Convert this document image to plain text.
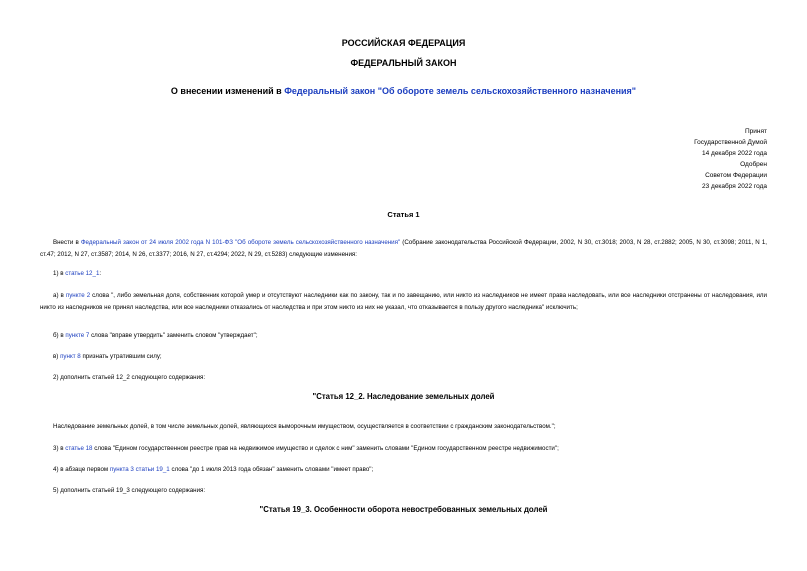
РОССИЙСКАЯ ФЕДЕРАЦИЯ
ФЕДЕРАЛЬНЫЙ ЗАКОН
О внесении изменений в Федеральный закон "Об обороте земель сельскохозяйственного назначения"
Принят
Государственной Думой
14 декабря 2022 года
Одобрен
Советом Федерации
23 декабря 2022 года
Статья 1

Внести в Федеральный закон от 24 июля 2002 года N 101-ФЗ "Об обороте земель сельскохозяйственного назначения" (Собрание законодательства Российской Федерации, 2002, N 30, ст.3018; 2003, N 28, ст.2882; 2005, N 30, ст.3098; 2011, N 1, ст.47; 2012, N 27, ст.3587; 2014, N 26, ст.3377; 2016, N 27, ст.4294; 2022, N 29, ст.5283) следующие изменения:

1) в статье 12_1:

а) в пункте 2 слова ", либо земельная доля, собственник которой умер и отсутствуют наследники как по закону, так и по завещанию, или никто из наследников не имеет права наследовать, или все наследники отстранены от наследования, или никто из наследников не принял наследства, или все наследники отказались от наследства и при этом никто из них не указал, что отказывается в пользу другого наследника" исключить;

б) в пункте 7 слова "вправе утвердить" заменить словом "утверждает";

в) пункт 8 признать утратившим силу;

2) дополнить статьей 12_2 следующего содержания:

"Статья 12_2. Наследование земельных долей

Наследование земельных долей, в том числе земельных долей, являющихся выморочным имуществом, осуществляется в соответствии с гражданским законодательством.";

3) в статье 18 слова "Едином государственном реестре прав на недвижимое имущество и сделок с ним" заменить словами "Едином государственном реестре недвижимости";

4) в абзаце первом пункта 3 статьи 19_1 слова "до 1 июля 2013 года обязан" заменить словами "имеет право";

5) дополнить статьей 19_3 следующего содержания:

"Статья 19_3. Особенности оборота невостребованных земельных долей
